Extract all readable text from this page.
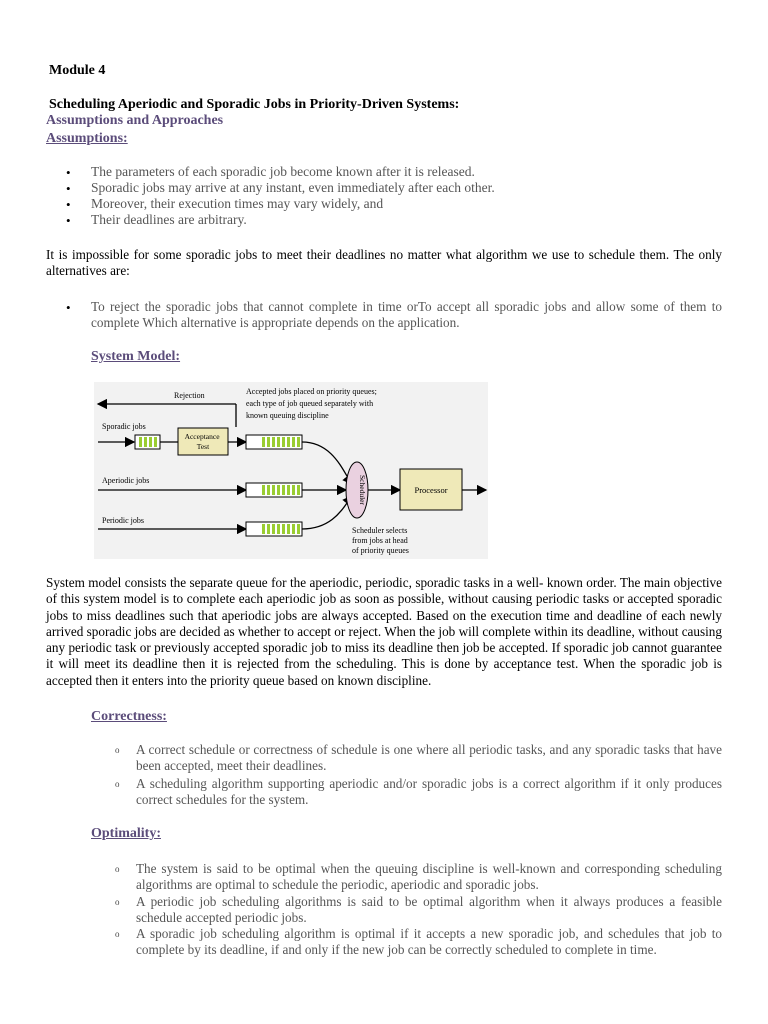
Module 4
Scheduling Aperiodic and Sporadic Jobs in Priority-Driven Systems:
Assumptions and Approaches
Assumptions:
• The parameters of each sporadic job become known after it is released.
• Sporadic jobs may arrive at any instant, even immediately after each other.
• Moreover, their execution times may vary widely, and
• Their deadlines are arbitrary.
It is impossible for some sporadic jobs to meet their deadlines no matter what algorithm we use to schedule them. The only alternatives are:
• To reject the sporadic jobs that cannot complete in time orTo accept all sporadic jobs and allow some of them to complete Which alternative is appropriate depends on the application.
System Model:
Rejection	Accepted jobs placed on priority queues; each type of job queued separately with known queuing discipline
Sporadic jobs
Acceptance Test
Aperiodic jobs
Periodic jobs
Scheduler	Processor
Scheduler selects from jobs at head of priority queues
System model consists the separate queue for the aperiodic, periodic, sporadic tasks in a well- known order. The main objective of this system model is to complete each aperiodic job as soon as possible, without causing periodic tasks or accepted sporadic jobs to miss deadlines such that aperiodic jobs are always accepted. Based on the execution time and deadline of each newly arrived sporadic jobs are decided as whether to accept or reject. When the job will complete within its deadline, without causing any periodic task or previously accepted sporadic job to miss its deadline then job be accepted. If sporadic job cannot guarantee it will meet its deadline then it is rejected from the scheduling. This is done by acceptance test. When the sporadic job is accepted then it enters into the priority queue based on known discipline.
Correctness:
o A correct schedule or correctness of schedule is one where all periodic tasks, and any sporadic tasks that have been accepted, meet their deadlines.
o A scheduling algorithm supporting aperiodic and/or sporadic jobs is a correct algorithm if it only produces correct schedules for the system.
Optimality:
o The system is said to be optimal when the queuing discipline is well-known and corresponding scheduling algorithms are optimal to schedule the periodic, aperiodic and sporadic jobs.
o A periodic job scheduling algorithms is said to be optimal algorithm when it always produces a feasible schedule accepted periodic jobs.
o A sporadic job scheduling algorithm is optimal if it accepts a new sporadic job, and schedules that job to complete by its deadline, if and only if the new job can be correctly scheduled to complete in time.
